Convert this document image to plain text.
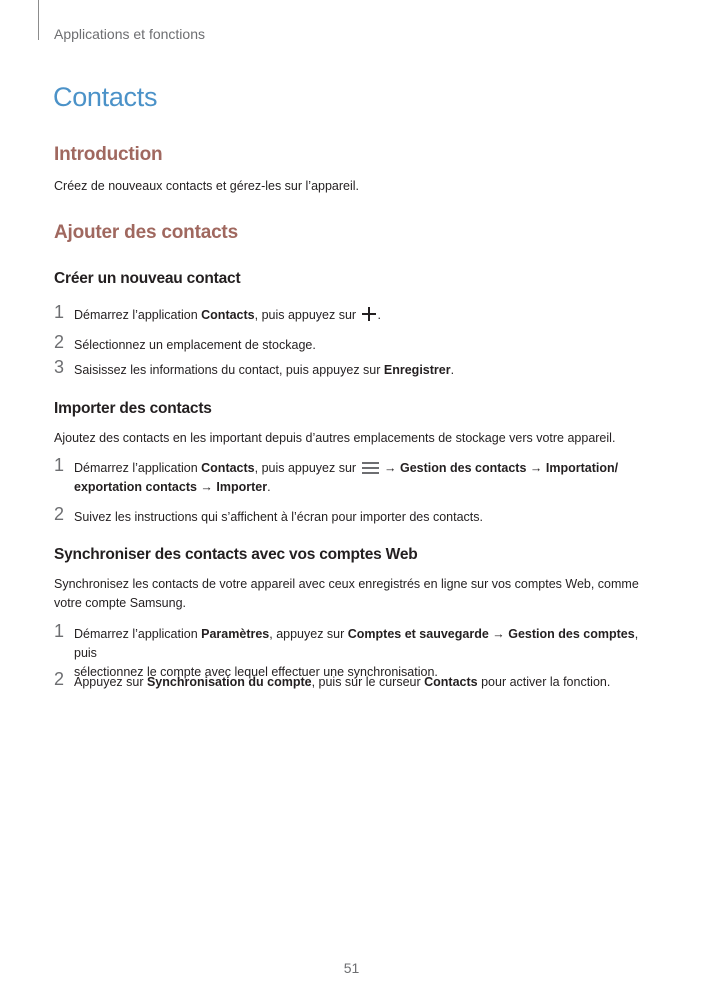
Applications et fonctions
Contacts
Introduction
Créez de nouveaux contacts et gérez-les sur l’appareil.
Ajouter des contacts
Créer un nouveau contact
1 Démarrez l’application Contacts, puis appuyez sur .
2 Sélectionnez un emplacement de stockage.
3 Saisissez les informations du contact, puis appuyez sur Enregistrer.
Importer des contacts
Ajoutez des contacts en les important depuis d’autres emplacements de stockage vers votre appareil.
1 Démarrez l’application Contacts, puis appuyez sur  → Gestion des contacts → Importation/
exportation contacts → Importer.
2 Suivez les instructions qui s’affichent à l’écran pour importer des contacts.
Synchroniser des contacts avec vos comptes Web
Synchronisez les contacts de votre appareil avec ceux enregistrés en ligne sur vos comptes Web, comme
votre compte Samsung.
1 Démarrez l’application Paramètres, appuyez sur Comptes et sauvegarde → Gestion des comptes, puis
sélectionnez le compte avec lequel effectuer une synchronisation.
2 Appuyez sur Synchronisation du compte, puis sur le curseur Contacts pour activer la fonction.
51
